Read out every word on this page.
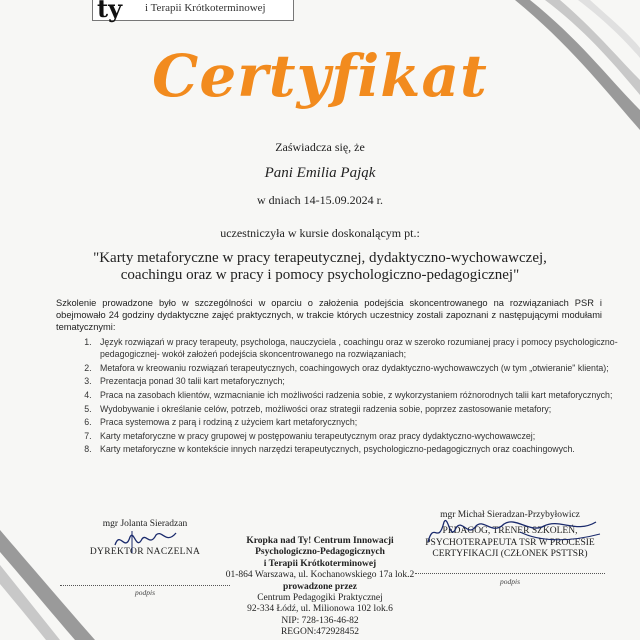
ty i Terapii Krótkoterminowej
Certyfikat
Zaświadcza się, że
Pani Emilia Pająk
w dniach 14-15.09.2024 r.
uczestniczyła w kursie doskonalącym pt.:
"Karty metaforyczne w pracy terapeutycznej, dydaktyczno-wychowawczej,
coachingu oraz w pracy i pomocy psychologiczno-pedagogicznej"
Szkolenie prowadzone było w szczególności w oparciu o założenia podejścia skoncentrowanego na rozwiązaniach PSR i obejmowało 24 godziny dydaktyczne zajęć praktycznych, w trakcie których uczestnicy zostali zapoznani z następującymi modułami tematycznymi:
1. Język rozwiązań w pracy terapeuty, psychologa, nauczyciela , coachingu oraz w szeroko rozumianej pracy i pomocy psychologiczno-pedagogicznej- wokół założeń podejścia skoncentrowanego na rozwiązaniach;
2. Metafora w kreowaniu rozwiązań terapeutycznych, coachingowych oraz dydaktyczno-wychowawczych (w tym „otwieranie" klienta);
3. Prezentacja ponad 30 talii kart metaforycznych;
4. Praca na zasobach klientów, wzmacnianie ich możliwości radzenia sobie, z wykorzystaniem różnorodnych talii kart metaforycznych;
5. Wydobywanie i określanie celów, potrzeb, możliwości oraz strategii radzenia sobie, poprzez zastosowanie metafory;
6. Praca systemowa z parą i rodziną z użyciem kart metaforycznych;
7. Karty metaforyczne w pracy grupowej w postępowaniu terapeutycznym oraz pracy dydaktyczno-wychowawczej;
8. Karty metaforyczne w kontekście innych narzędzi terapeutycznych, psychologiczno-pedagogicznych oraz coachingowych.
mgr Jolanta Sieradzan
DYREKTOR NACZELNA
podpis
Kropka nad Ty! Centrum Innowacji
Psychologiczno-Pedagogicznych
i Terapii Krótkoterminowej
01-864 Warszawa, ul. Kochanowskiego 17a lok.2
prowadzone przez
Centrum Pedagogiki Praktycznej
92-334 Łódź, ul. Milionowa 102 lok.6
NIP: 728-136-46-82
REGON:472928452
mgr Michał Sieradzan-Przybyłowicz
PEDAGOG, TRENER SZKOLEŃ,
PSYCHOTERAPEUTA TSR W PROCESIE
CERTYFIKACJI (CZŁONEK PSTTSR)
podpis
